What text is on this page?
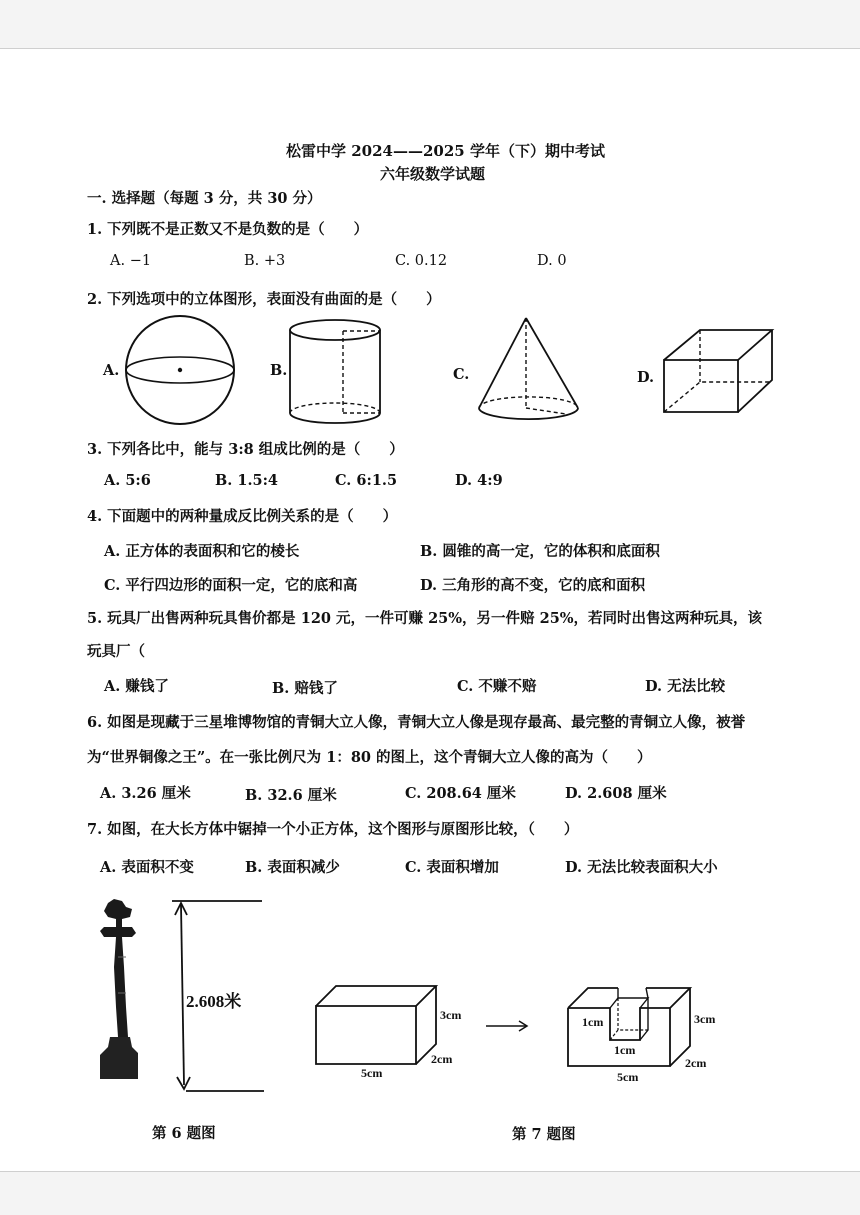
松雷中学 2024——2025 学年（下）期中考试
六年级数学试题
一. 选择题（每题 3 分，共 30 分）
1. 下列既不是正数又不是负数的是（　　）
A. −1	B. +3	C. 0.12	D. 0
2. 下列选项中的立体图形，表面没有曲面的是（　　）
A.	B.	C.	D.
3. 下列各比中，能与 3:8 组成比例的是（　　）
A. 5:6	B. 1.5:4	C. 6:1.5	D. 4:9
4. 下面题中的两种量成反比例关系的是（　　）
A. 正方体的表面积和它的棱长	B. 圆锥的高一定，它的体积和底面积
C. 平行四边形的面积一定，它的底和高	D. 三角形的高不变，它的底和面积
5. 玩具厂出售两种玩具售价都是 120 元，一件可赚 25%，另一件赔 25%，若同时出售这两种玩具，该
玩具厂（
A. 赚钱了	B. 赔钱了	C. 不赚不赔	D. 无法比较
6. 如图是现藏于三星堆博物馆的青铜大立人像，青铜大立人像是现存最高、最完整的青铜立人像，被誉
为“世界铜像之王”。在一张比例尺为 1：80 的图上，这个青铜大立人像的高为（　　）
A. 3.26 厘米	B. 32.6 厘米	C. 208.64 厘米	D. 2.608 厘米
7. 如图，在大长方体中锯掉一个小正方体，这个图形与原图形比较，（　　）
A. 表面积不变	B. 表面积减少	C. 表面积增加	D. 无法比较表面积大小
2.608米
3cm
2cm
5cm
1cm
1cm
3cm
2cm
5cm
第 6 题图	第 7 题图
